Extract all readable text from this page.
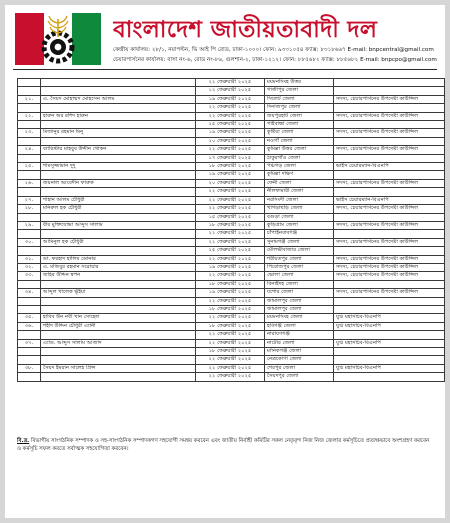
বাংলাদেশ জাতীয়তাবাদী দল
কেন্দ্রীয় কার্যালয়: ২৮/১, নয়াপল্টন, ভি আই পি রোড, ঢাকা-১০০০। ফোন: ৯৩৩১০৫৪ ফ্যাক্স: ৮৩১৮৬৬৭ E-mail: bnpcentral@gmail.com
চেয়ারপার্সনের কার্যালয়: বাসা নং-৬, রোড নং-৮৬, গুলশান-২, ঢাকা-১২১২। ফোন: ৮৮৫৬৮২ ফ্যাক্স: ৮৮৫৬৮২ E-mail: bnpcpo@gmail.com
		২২ ফেব্রুয়ারী ২০২৫	ময়মনসিংহ উত্তর	
		১২ ফেব্রুয়ারী ২০২৫	গাজীপুর জেলা	
২১.	এ. সৈয়দ মোহাম্মদ মোহসেন আলম	১৯ ফেব্রুয়ারী ২০২৫	সিলেট জেলা	সদস্য, চেয়ারপার্সনের উপদেষ্টা কাউন্সিল
		২২ ফেব্রুয়ারী ২০২৫	দিনাজপুর জেলা	
২২.	হারুন অর রশিদ হারুন	২২ ফেব্রুয়ারী ২০২৫	জয়পুরহাট জেলা	সদস্য, চেয়ারপার্সনের উপদেষ্টা কাউন্সিল
		২৫ ফেব্রুয়ারী ২০২৫	গাইবান্ধা জেলা	
২৩.	মিজানুর রহমান মিনু	১৯ ফেব্রুয়ারী ২০২৫	কুষ্টিয়া জেলা	সদস্য, চেয়ারপার্সনের উপদেষ্টা কাউন্সিল
		২০ ফেব্রুয়ারী ২০২৫	নওগাঁ জেলা	
২৪.	ব্যারিস্টার মাহবুব উদ্দীন খোকন	২২ ফেব্রুয়ারী ২০২৫	কুমিল্লা উত্তর জেলা	সদস্য, চেয়ারপার্সনের উপদেষ্টা কাউন্সিল
		১৭ ফেব্রুয়ারী ২০২৫	ঠাকুরগাঁও জেলা	
২৫.	শামসুজ্জামান দুদু	১৮ ফেব্রুয়ারী ২০২৫	পঞ্চগড় জেলা	ভাইস চেয়ারম্যান-বিএনপি
		১৯ ফেব্রুয়ারী ২০২৫	কুমিল্লা দক্ষিণ	
২৬.	জয়নাল আবেদীন ফারুক	২০ ফেব্রুয়ারী ২০২৫	ফেনী জেলা	সদস্য, চেয়ারপার্সনের উপদেষ্টা কাউন্সিল
		২২ ফেব্রুয়ারী ২০২৫	নীলফামারী জেলা	
২৭.	শাহান আলম চৌধুরী	২২ ফেব্রুয়ারী ২০২৫	নরসিংদী জেলা	ভাইস চেয়ারম্যান-বিএনপি
২৮.	মনিরুল হক চৌধুরী	২২ ফেব্রুয়ারী ২০২৫	খাগড়াছড়ি জেলা	সদস্য, চেয়ারপার্সনের উপদেষ্টা কাউন্সিল
		১৫ ফেব্রুয়ারী ২০২৫	বগুড়া জেলা	
২৯.	বীর মুক্তিযোদ্ধা আব্দুস সালাম	১৮ ফেব্রুয়ারী ২০২৫	কুড়িগ্রাম জেলা	সদস্য, চেয়ারপার্সনের উপদেষ্টা কাউন্সিল
		২২ ফেব্রুয়ারী ২০২৫	চাঁপাইনবাবগঞ্জ	
৩০.	আমিনুল হক চৌধুরী	২২ ফেব্রুয়ারী ২০২৫	সুনামগঞ্জ জেলা	সদস্য, চেয়ারপার্সনের উপদেষ্টা কাউন্সিল
		২৫ ফেব্রুয়ারী ২০২৫	মৌলভীবাজার জেলা	
৩১.	ডা. ফরহাদ হালিম ডোনার	২২ ফেব্রুয়ারী ২০২৫	শরীয়তপুর জেলা	সদস্য, চেয়ারপার্সনের উপদেষ্টা কাউন্সিল
৩২.	এ. মজিবুর রহমান সরোয়ার	১৯ ফেব্রুয়ারী ২০২৫	পিরোজপুর জেলা	সদস্য, চেয়ারপার্সনের উপদেষ্টা কাউন্সিল
৩৩.	জহির উদ্দিন স্বপন	২২ ফেব্রুয়ারী ২০২৫	ভোলা জেলা	সদস্য, চেয়ারপার্সনের উপদেষ্টা কাউন্সিল
		১৮ ফেব্রুয়ারী ২০২৫	বিনাইদহ জেলা	
৩৪.	আব্দুল খালেক ভূঁইয়া	১৯ ফেব্রুয়ারী ২০২৫	যশোর জেলা	সদস্য, চেয়ারপার্সনের উপদেষ্টা কাউন্সিল
		২২ ফেব্রুয়ারী ২০২৫	জামালপুর জেলা	
		১৮ ফেব্রুয়ারী ২০২৫	জামালপুর জেলা	
৩৫.	হাবিব উন নবী খান সোহেল	২২ ফেব্রুয়ারী ২০২৫	ময়মনসিংহ জেলা	যুগ্ম মহাসচিব-বিএনপি
৩৬.	শহীদ উদ্দিন চৌধুরী এ্যানী	১৮ ফেব্রুয়ারী ২০২৫	হবিগঞ্জ জেলা	যুগ্ম মহাসচিব-বিএনপি
		২২ ফেব্রুয়ারী ২০২৫	নারায়ণগঞ্জ	
৩৭.	এ্যাড. আব্দুস সালাম আজাদ	২২ ফেব্রুয়ারী ২০২৫	নাটোর জেলা	যুগ্ম মহাসচিব-বিএনপি
		১৮ ফেব্রুয়ারী ২০২৫	মানিকগঞ্জ জেলা	
		২২ ফেব্রুয়ারী ২০২৫	নেত্রকোণা জেলা	
৩৮.	সৈয়দ ইমরান সালেহ প্রিন্স	২২ ফেব্রুয়ারী ২০২৫	শেরপুর জেলা	যুগ্ম মহাসচিব-বিএনপি
		২২ ফেব্রুয়ারী ২০২৫	সৈয়দপুর জেলা	
বি.দ্র. বিভাগীয় সাংগঠনিক সম্পাদক ও সহ-সাংগঠনিক সম্পাদকগণ সহযোগী সমন্বয় করবেন এবং জাতীয় নির্বাহী কমিটির সকল নেতৃবৃন্দ নিজ নিজ জেলার কর্মসূচিতে প্রত্যক্ষভাবে অংশগ্রহণ করবেন ও কর্মসূচি সফল করতে সর্বাত্মক সহযোগিতা করবেন।
